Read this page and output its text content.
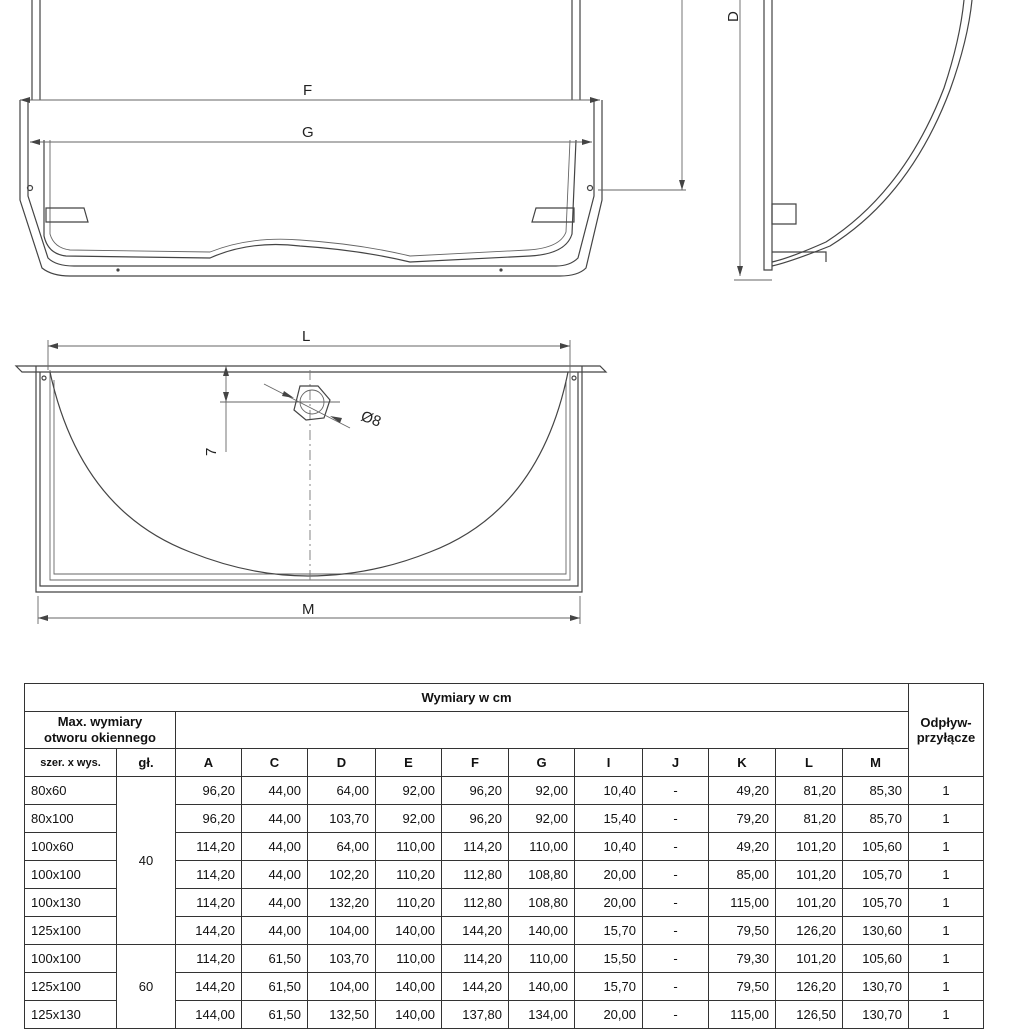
F
G
D
L
M
7
Ø8
Wymiary w cm													Odpływ-
przyłącze
Max. wymiary
otworu okiennego													
szer. x wys.	gł.	A	C	D	E	F	G	I	J	K	L	M	
80x60	40	96,20	44,00	64,00	92,00	96,20	92,00	10,40	-	49,20	81,20	85,30	1
80x100		96,20	44,00	103,70	92,00	96,20	92,00	15,40	-	79,20	81,20	85,70	1
100x60		114,20	44,00	64,00	110,00	114,20	110,00	10,40	-	49,20	101,20	105,60	1
100x100		114,20	44,00	102,20	110,20	112,80	108,80	20,00	-	85,00	101,20	105,70	1
100x130		114,20	44,00	132,20	110,20	112,80	108,80	20,00	-	115,00	101,20	105,70	1
125x100		144,20	44,00	104,00	140,00	144,20	140,00	15,70	-	79,50	126,20	130,60	1
100x100	60	114,20	61,50	103,70	110,00	114,20	110,00	15,50	-	79,30	101,20	105,60	1
125x100		144,20	61,50	104,00	140,00	144,20	140,00	15,70	-	79,50	126,20	130,70	1
125x130		144,00	61,50	132,50	140,00	137,80	134,00	20,00	-	115,00	126,50	130,70	1
